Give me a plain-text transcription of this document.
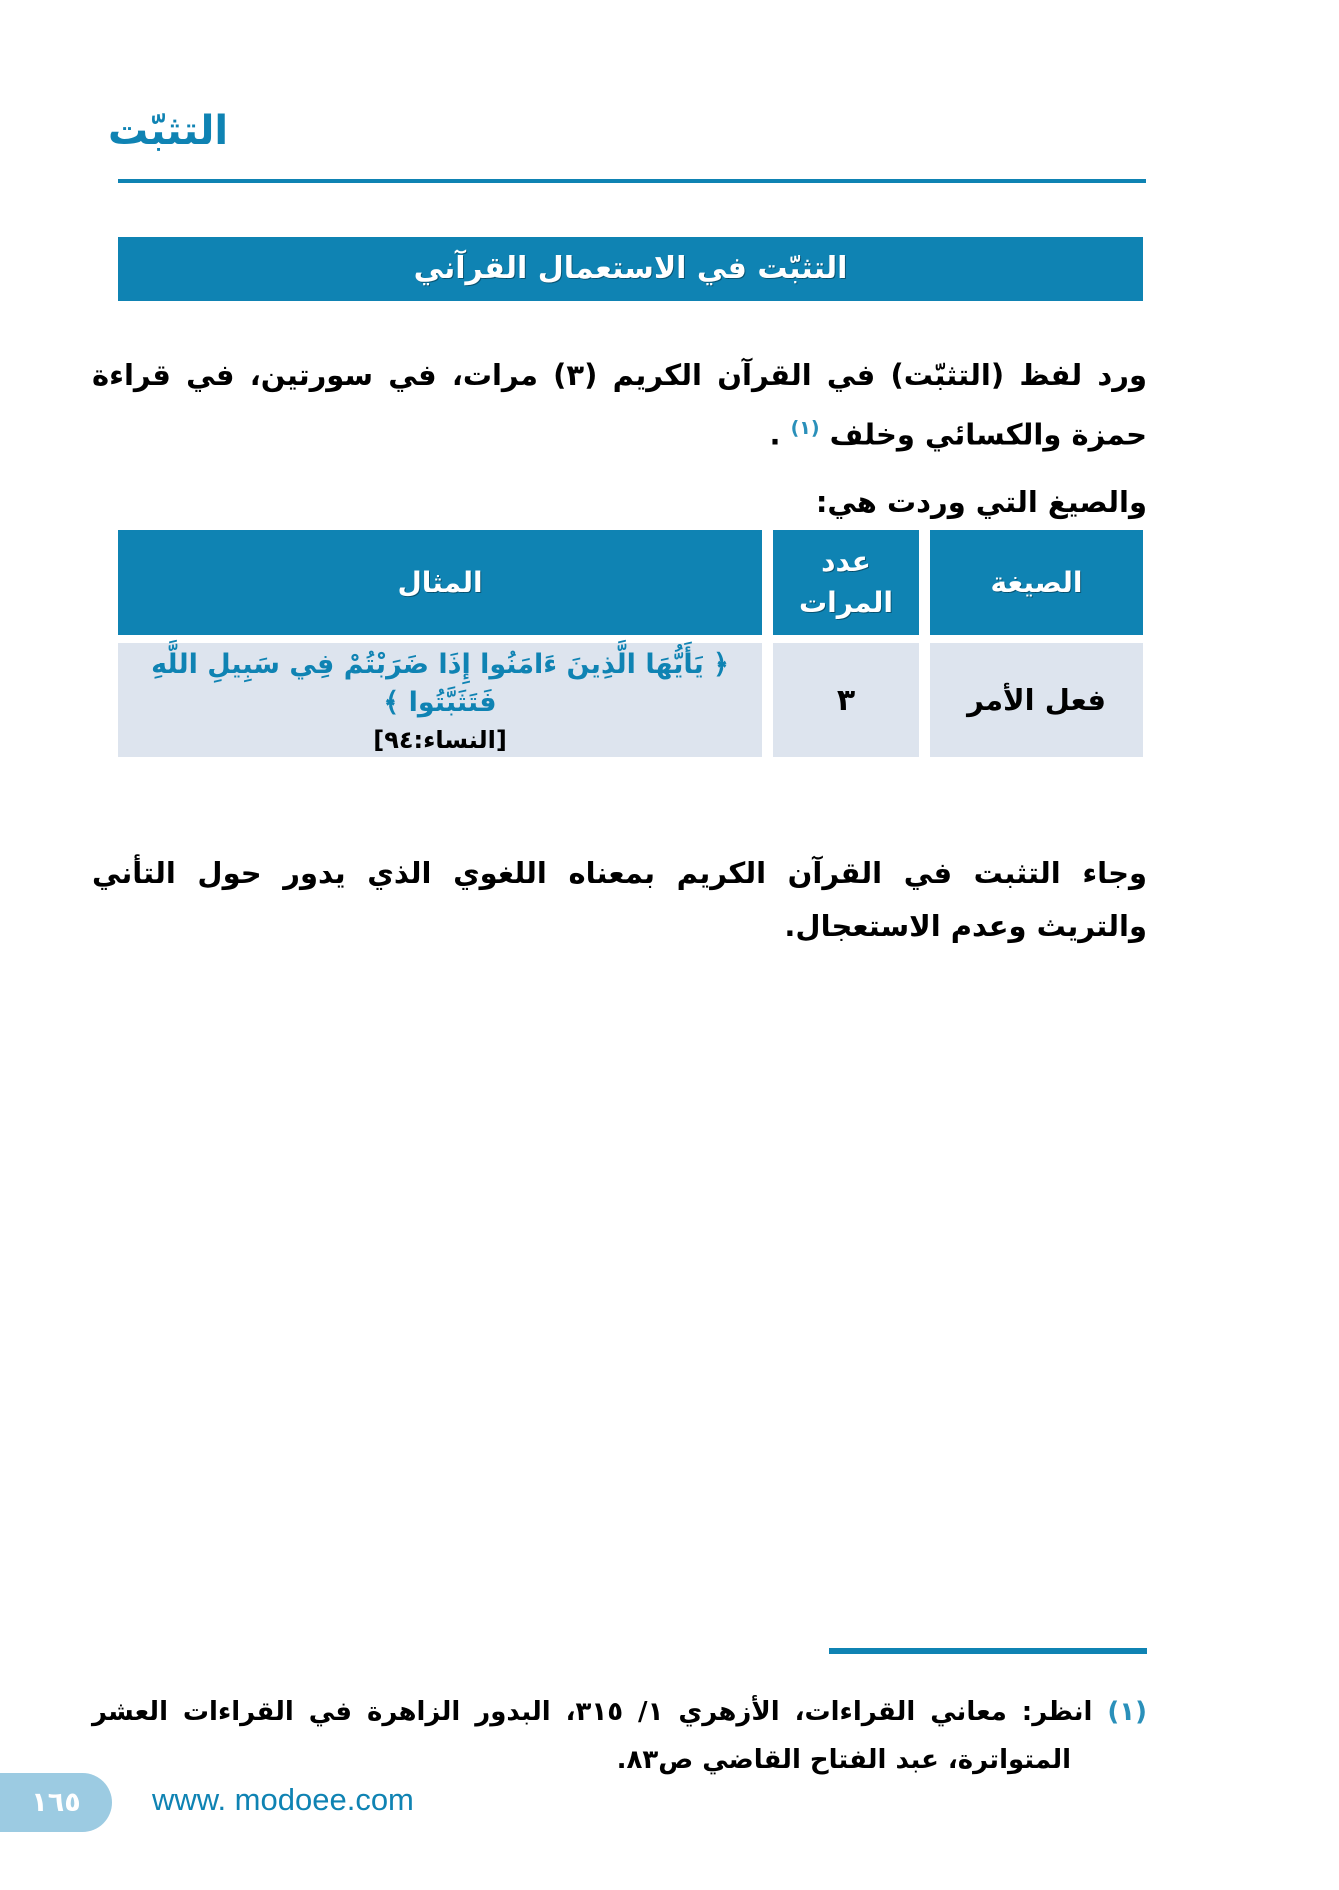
التثبّت
التثبّت في الاستعمال القرآني

ورد لفظ (التثبّت) في القرآن الكريم (٣) مرات، في سورتين، في قراءة حمزة والكسائي وخلف $^{(١)}$ .

والصيغ التي وردت هي:

الصيغة
عدد المرات
المثال
فعل الأمر
٣
﴿ يَأَيُّهَا الَّذِينَ ءَامَنُوا إِذَا ضَرَبْتُمْ فِي سَبِيلِ اللَّهِ فَتَثَبَّتُوا ﴾
[النساء:٩٤]

وجاء التثبت في القرآن الكريم بمعناه اللغوي الذي يدور حول التأني والتريث وعدم الاستعجال.

(١) انظر: معاني القراءات، الأزهري ١/ ٣١٥، البدور الزاهرة في القراءات العشر المتواترة، عبد الفتاح القاضي ص٨٣.

١٦٥ www. modoee.com
